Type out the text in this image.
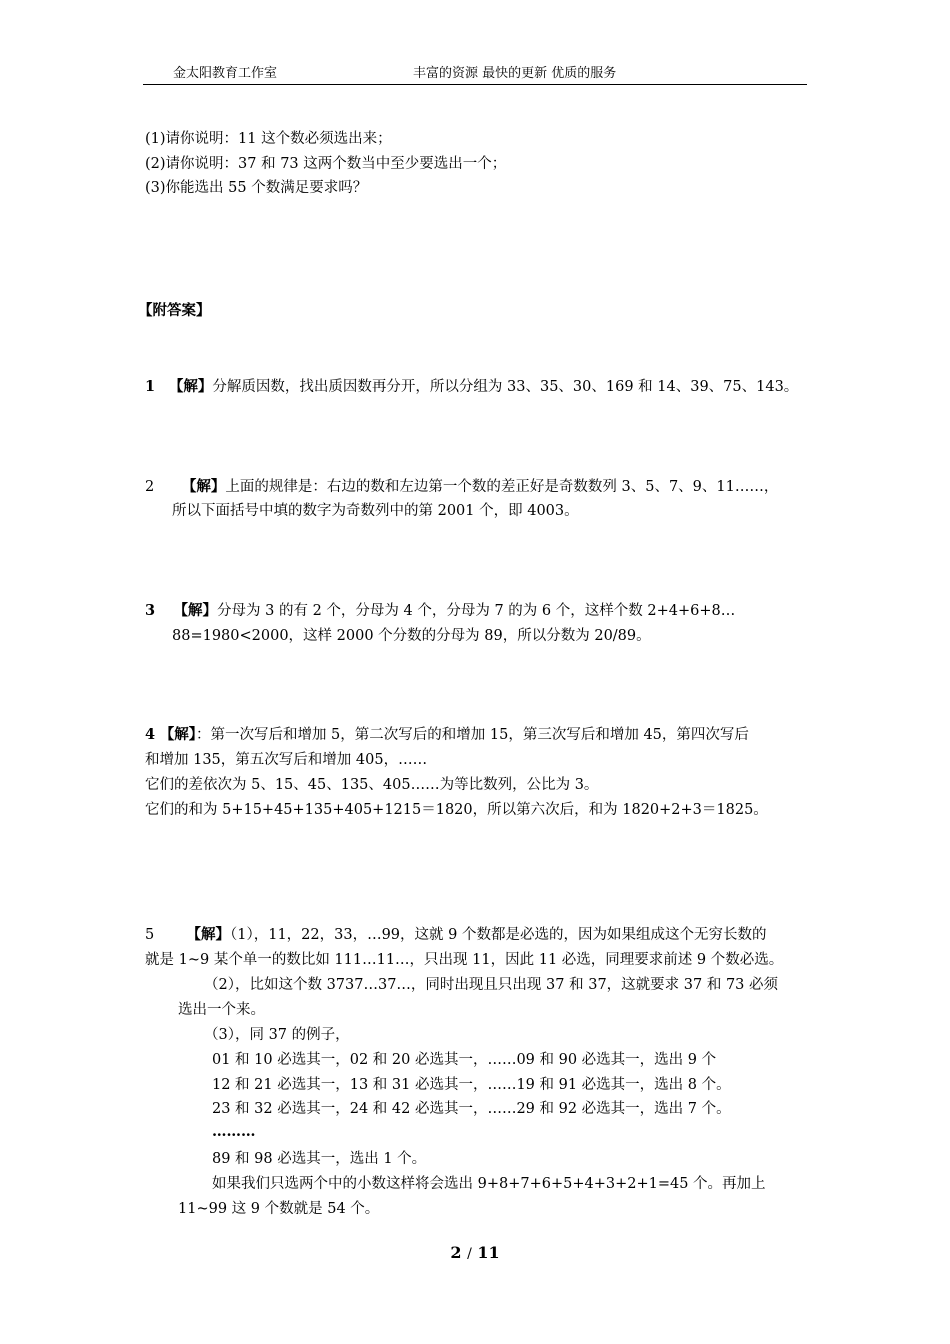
金太阳教育工作室	丰富的资源 最快的更新 优质的服务
(1)请你说明：11 这个数必须选出来；
(2)请你说明：37 和 73 这两个数当中至少要选出一个；
(3)你能选出 55 个数满足要求吗？
【附答案】
1 【解】分解质因数，找出质因数再分开，所以分组为 33、35、30、169 和 14、39、75、143。
2 【解】上面的规律是：右边的数和左边第一个数的差正好是奇数数列 3、5、7、9、11……，
所以下面括号中填的数字为奇数列中的第 2001 个，即 4003。
3 【解】分母为 3 的有 2 个，分母为 4 个，分母为 7 的为 6 个，这样个数 2+4+6+8…
88=1980<2000，这样 2000 个分数的分母为 89，所以分数为 20/89。
4 【解】：第一次写后和增加 5，第二次写后的和增加 15，第三次写后和增加 45，第四次写后
和增加 135，第五次写后和增加 405，……
它们的差依次为 5、15、45、135、405……为等比数列，公比为 3。
它们的和为 5+15+45+135+405+1215＝1820，所以第六次后，和为 1820+2+3＝1825。
5 【解】（1），11，22，33，…99，这就 9 个数都是必选的，因为如果组成这个无穷长数的
就是 1~9 某个单一的数比如 111…11…，只出现 11，因此 11 必选，同理要求前述 9 个数必选。
（2），比如这个数 3737…37…，同时出现且只出现 37 和 37，这就要求 37 和 73 必须
选出一个来。
（3），同 37 的例子，
01 和 10 必选其一，02 和 20 必选其一，……09 和 90 必选其一，选出 9 个
12 和 21 必选其一，13 和 31 必选其一，……19 和 91 必选其一，选出 8 个。
23 和 32 必选其一，24 和 42 必选其一，……29 和 92 必选其一，选出 7 个。
………
89 和 98 必选其一，选出 1 个。
如果我们只选两个中的小数这样将会选出 9+8+7+6+5+4+3+2+1=45 个。再加上
11~99 这 9 个数就是 54 个。
2 / 11
